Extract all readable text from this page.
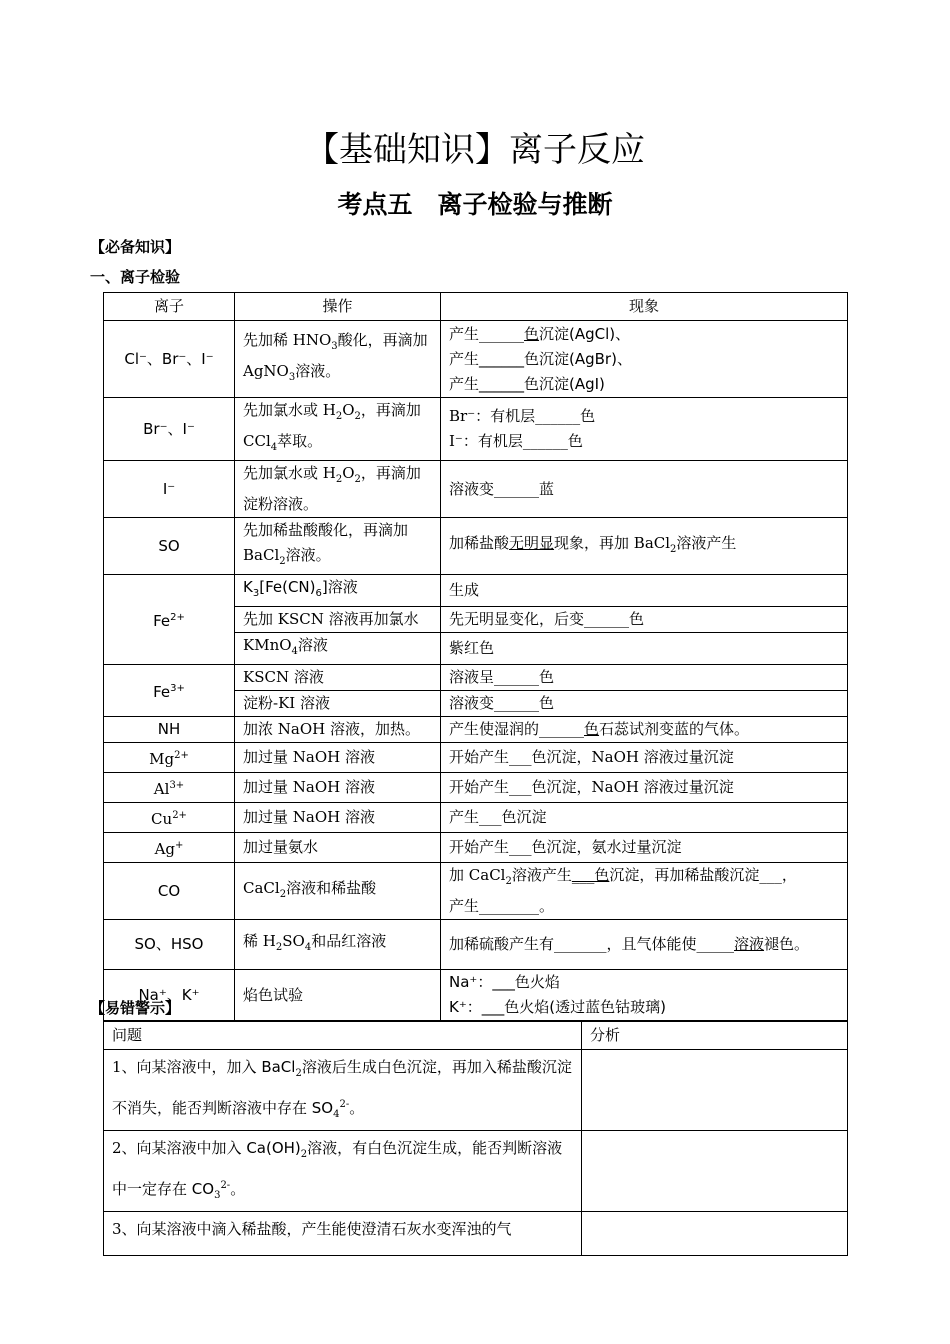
【基础知识】离子反应
考点五　离子检验与推断
【必备知识】
一、离子检验
离子	操作	现象
Cl⁻、Br⁻、I⁻	先加稀 $HNO_3$酸化，再滴加 AgNO$_3$溶液。	产生______色沉淀(AgCl)、
产生______色沉淀(AgBr)、
产生______色沉淀(AgI)
Br⁻、I⁻	先加氯水或 $H_2O_2$，再滴加 CCl$_4$萃取。	Br⁻：有机层______色
I⁻：有机层______色
I⁻	先加氯水或 $H_2O_2$，再滴加淀粉溶液。	溶液变______蓝
SO	先加稀盐酸酸化，再滴加 BaCl$_2$溶液。	加稀盐酸无明显现象，再加 BaCl$_2$溶液产生
$Fe^{2+}$	$K_3[Fe(CN)_6]$溶液	生成
	先加 KSCN 溶液再加氯水	先无明显变化，后变______色
	KMnO$_4$溶液	紫红色
$Fe^{3+}$	KSCN 溶液	溶液呈______色
	淀粉-KI 溶液	溶液变______色
NH	加浓 NaOH 溶液，加热。	产生使湿润的______色石蕊试剂变蓝的气体。
$Mg^{2+}$	加过量 NaOH 溶液	开始产生___色沉淀，NaOH 溶液过量沉淀
$Al^{3+}$	加过量 NaOH 溶液	开始产生___色沉淀，NaOH 溶液过量沉淀
$Cu^{2+}$	加过量 NaOH 溶液	产生___色沉淀
Ag+	加过量氨水	开始产生___色沉淀，氨水过量沉淀
CO	CaCl$_2$溶液和稀盐酸	加 CaCl$_2$溶液产生___色沉淀，再加稀盐酸沉淀___，
产生________。
SO、HSO	稀 $H_2SO_4$和品红溶液	加稀硫酸产生有_______，且气体能使_____溶液褪色。
Na⁺、K⁺	焰色试验	Na⁺：___色火焰
K⁺：___色火焰(透过蓝色钴玻璃)
【易错警示】
问题	分析
1、向某溶液中，加入 BaCl$_2$溶液后生成白色沉淀，再加入稀盐酸沉淀不消失，能否判断溶液中存在 $SO_4^{2-}$。	
2、向某溶液中加入 $Ca(OH)_2$溶液，有白色沉淀生成，能否判断溶液中一定存在 $CO_3^{2-}$。	
3、向某溶液中滴入稀盐酸，产生能使澄清石灰水变浑浊的气	
